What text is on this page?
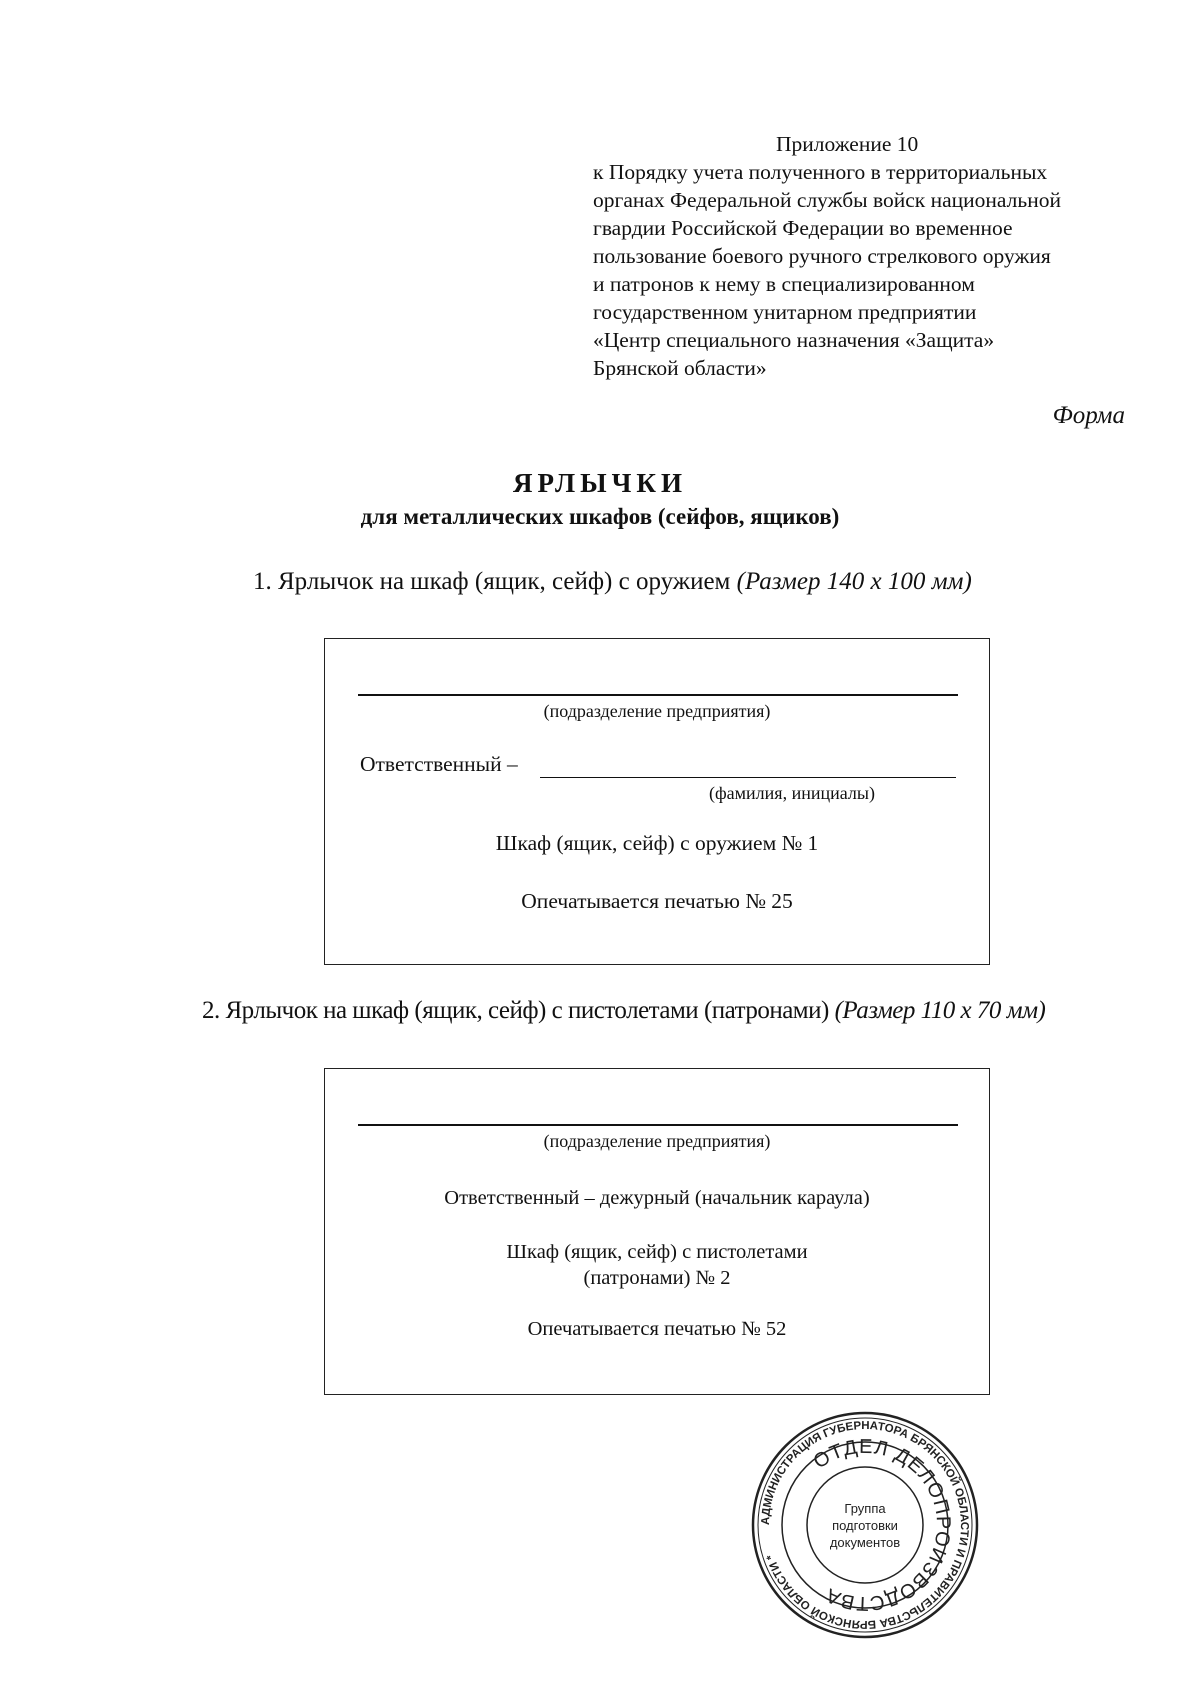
Приложение 10
к Порядку учета полученного в территориальных
органах Федеральной службы войск национальной
гвардии Российской Федерации во временное
пользование боевого ручного стрелкового оружия
и патронов к нему в специализированном
государственном унитарном предприятии
«Центр специального назначения «Защита»
Брянской области»
Форма
ЯРЛЫЧКИ
для металлических шкафов (сейфов, ящиков)
1. Ярлычок на шкаф (ящик, сейф) с оружием (Размер 140 х 100 мм)
(подразделение предприятия)
Ответственный –
(фамилия, инициалы)
Шкаф (ящик, сейф) с оружием № 1
Опечатывается печатью № 25
2. Ярлычок на шкаф (ящик, сейф) с пистолетами (патронами) (Размер 110 х 70 мм)
(подразделение предприятия)
Ответственный – дежурный (начальник караула)
Шкаф (ящик, сейф) с пистолетами
(патронами) № 2
Опечатывается печатью № 52
АДМИНИСТРАЦИЯ ГУБЕРНАТОРА БРЯНСКОЙ ОБЛАСТИ И ПРАВИТЕЛЬСТВА БРЯНСКОЙ ОБЛАСТИ *
ОТДЕЛ ДЕЛОПРОИЗВОДСТВА
Группа
подготовки
документов
